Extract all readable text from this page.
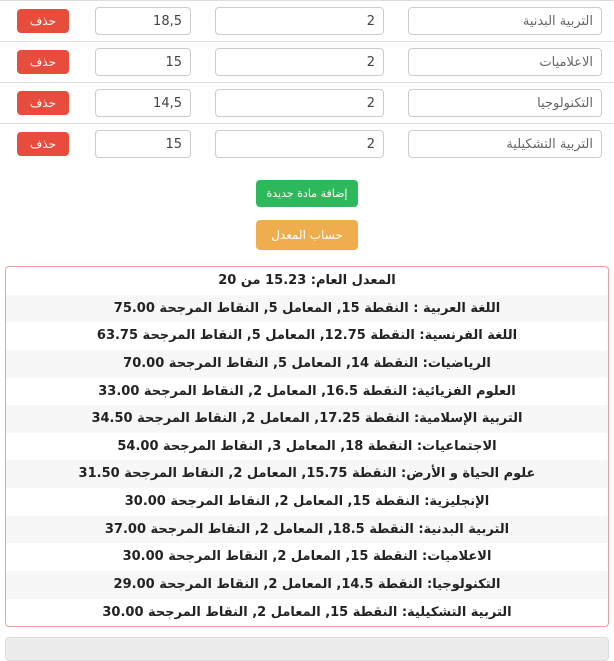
التربية البدنية
2
18,5
حذف
الاعلاميات
2
15
حذف
التكنولوجيا
2
14,5
حذف
التربية التشكيلية
2
15
حذف
إضافة مادة جديدة
حساب المعدل
المعدل العام: 15.23 من 20
اللغة العربية : النقطة 15, المعامل 5, النقاط المرجحة 75.00
اللغة الفرنسية: النقطة 12.75, المعامل 5, النقاط المرجحة 63.75
الرياضيات: النقطة 14, المعامل 5, النقاط المرجحة 70.00
العلوم الفزيائية: النقطة 16.5, المعامل 2, النقاط المرجحة 33.00
التربية الإسلامية: النقطة 17.25, المعامل 2, النقاط المرجحة 34.50
الاجتماعيات: النقطة 18, المعامل 3, النقاط المرجحة 54.00
علوم الحياة و الأرض: النقطة 15.75, المعامل 2, النقاط المرجحة 31.50
الإنجليزية: النقطة 15, المعامل 2, النقاط المرجحة 30.00
التربية البدنية: النقطة 18.5, المعامل 2, النقاط المرجحة 37.00
الاعلاميات: النقطة 15, المعامل 2, النقاط المرجحة 30.00
التكنولوجيا: النقطة 14.5, المعامل 2, النقاط المرجحة 29.00
التربية التشكيلية: النقطة 15, المعامل 2, النقاط المرجحة 30.00
